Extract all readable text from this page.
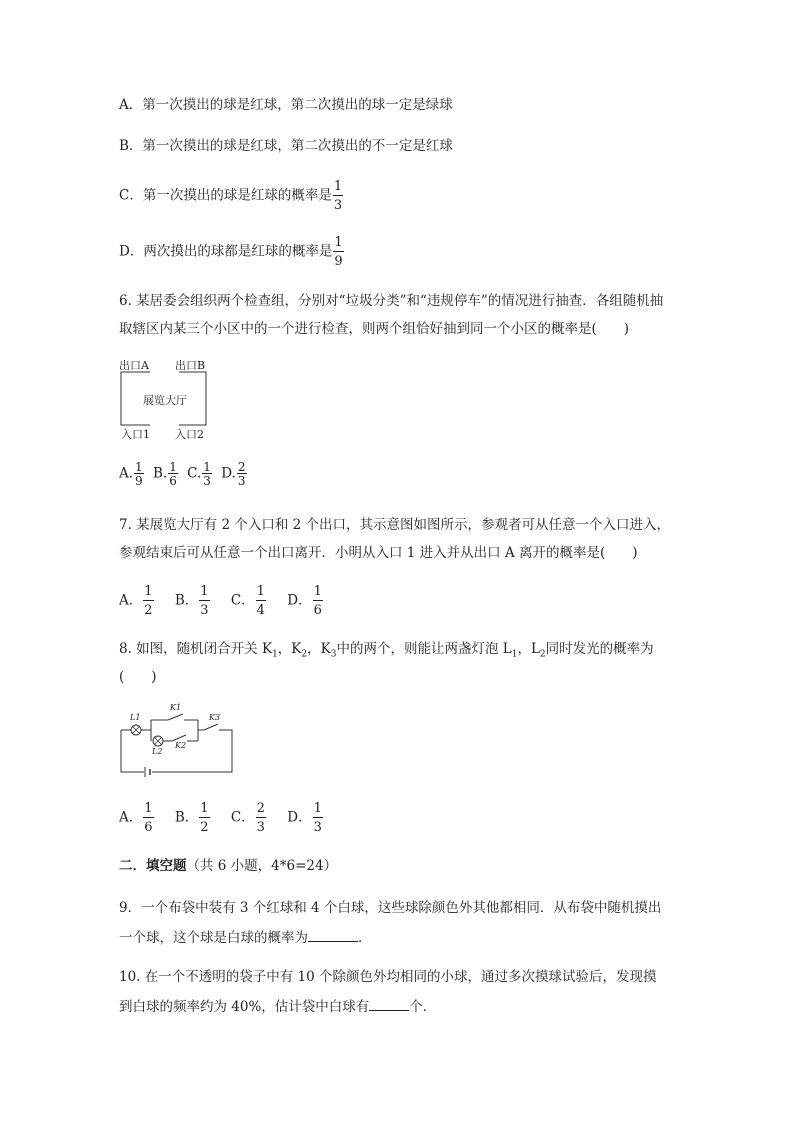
A．第一次摸出的球是红球，第二次摸出的球一定是绿球
B．第一次摸出的球是红球，第二次摸出的不一定是红球
C．第一次摸出的球是红球的概率是 $\frac{1}{3}$
D．两次摸出的球都是红球的概率是 $\frac{1}{9}$
6. 某居委会组织两个检查组，分别对“垃圾分类”和“违规停车”的情况进行抽查．各组随机抽
取辖区内某三个小区中的一个进行检查，则两个组恰好抽到同一个小区的概率是(　　)
出口A 出口B
展览大厅
入口1 入口2
A. $\frac{1}{9} B$. $\frac{1}{6} C$. $\frac{1}{3} D$. $\frac{2}{3}$
7. 某展览大厅有 2 个入口和 2 个出口，其示意图如图所示，参观者可从任意一个入口进入，
参观结束后可从任意一个出口离开．小明从入口 1 进入并从出口 A 离开的概率是(　　)
A． $\frac{1}{2}$ B． $\frac{1}{3}$ C． $\frac{1}{4}$ D． $\frac{1}{6}$
8. 如图，随机闭合开关 $K_1$，$K_2$，$K_3$中的两个，则能让两盏灯泡 $L_1$，$L_2$同时发光的概率为
(　　)
L1
L2
K1
K2
K3
A． $\frac{1}{6}$ B． $\frac{1}{2}$ C． $\frac{2}{3}$ D． $\frac{1}{3}$
二．填空题（共 6 小题，4*6=24）
9．一个布袋中装有 3 个红球和 4 个白球，这些球除颜色外其他都相同．从布袋中随机摸出
一个球，这个球是白球的概率为	．
10. 在一个不透明的袋子中有 10 个除颜色外均相同的小球，通过多次摸球试验后，发现摸
到白球的频率约为 40%，估计袋中白球有	个．
